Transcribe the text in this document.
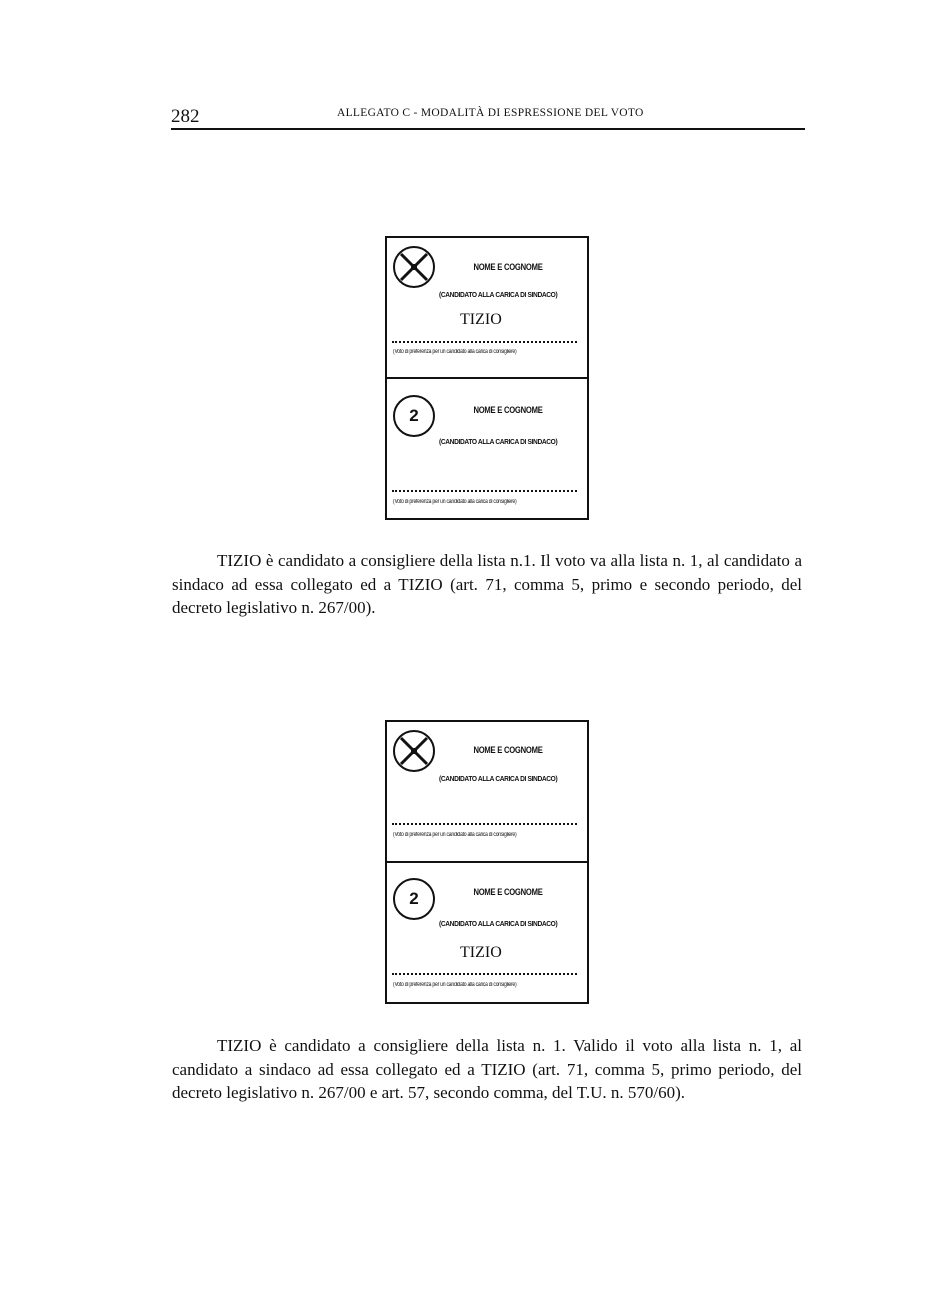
282	ALLEGATO C - MODALITÀ DI ESPRESSIONE DEL VOTO
NOME E COGNOME
(CANDIDATO ALLA CARICA DI SINDACO)
TIZIO
(Voto di preferenza per un candidato alla carica di consigliere)
2	NOME E COGNOME
(CANDIDATO ALLA CARICA DI SINDACO)
(Voto di preferenza per un candidato alla carica di consigliere)
TIZIO è candidato a consigliere della lista n.1. Il voto va alla lista n. 1, al candidato a sindaco ad essa collegato ed a TIZIO (art. 71, comma 5, primo e secondo periodo, del decreto legislativo n. 267/00).
NOME E COGNOME
(CANDIDATO ALLA CARICA DI SINDACO)
(Voto di preferenza per un candidato alla carica di consigliere)
2	NOME E COGNOME
(CANDIDATO ALLA CARICA DI SINDACO)
TIZIO
(Voto di preferenza per un candidato alla carica di consigliere)
TIZIO è candidato a consigliere della lista n. 1. Valido il voto alla lista n. 1, al candidato a sindaco ad essa collegato ed a TIZIO (art. 71, comma 5, primo periodo, del decreto legislativo n. 267/00 e art. 57, secondo comma, del T.U. n. 570/60).
